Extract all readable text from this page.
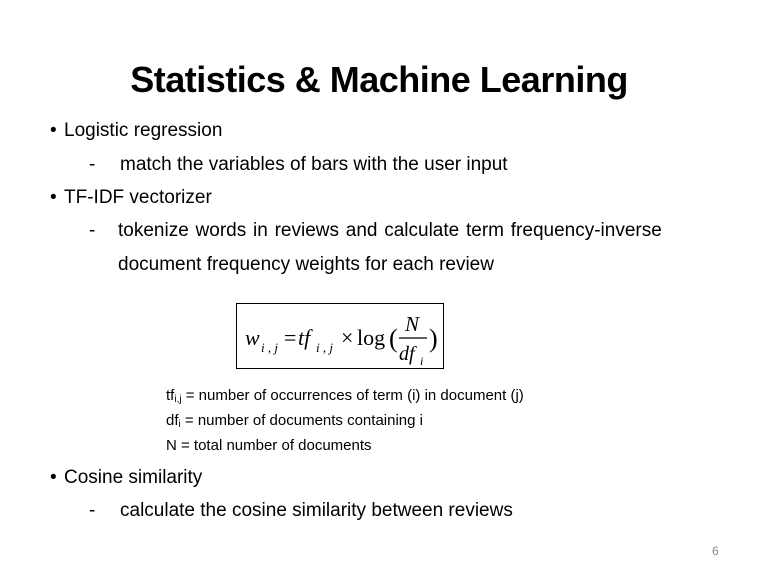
Statistics & Machine Learning
• Logistic regression
- match the variables of bars with the user input
• TF-IDF vectorizer
- tokenize words in reviews and calculate term frequency-inverse
document frequency weights for each review
w i , j = tf i , j × log ( N
df i
)
$tf_{i,j}$ = number of occurrences of term (i) in document (j)
$df_i$ = number of documents containing i
N = total number of documents
• Cosine similarity
- calculate the cosine similarity between reviews
6
